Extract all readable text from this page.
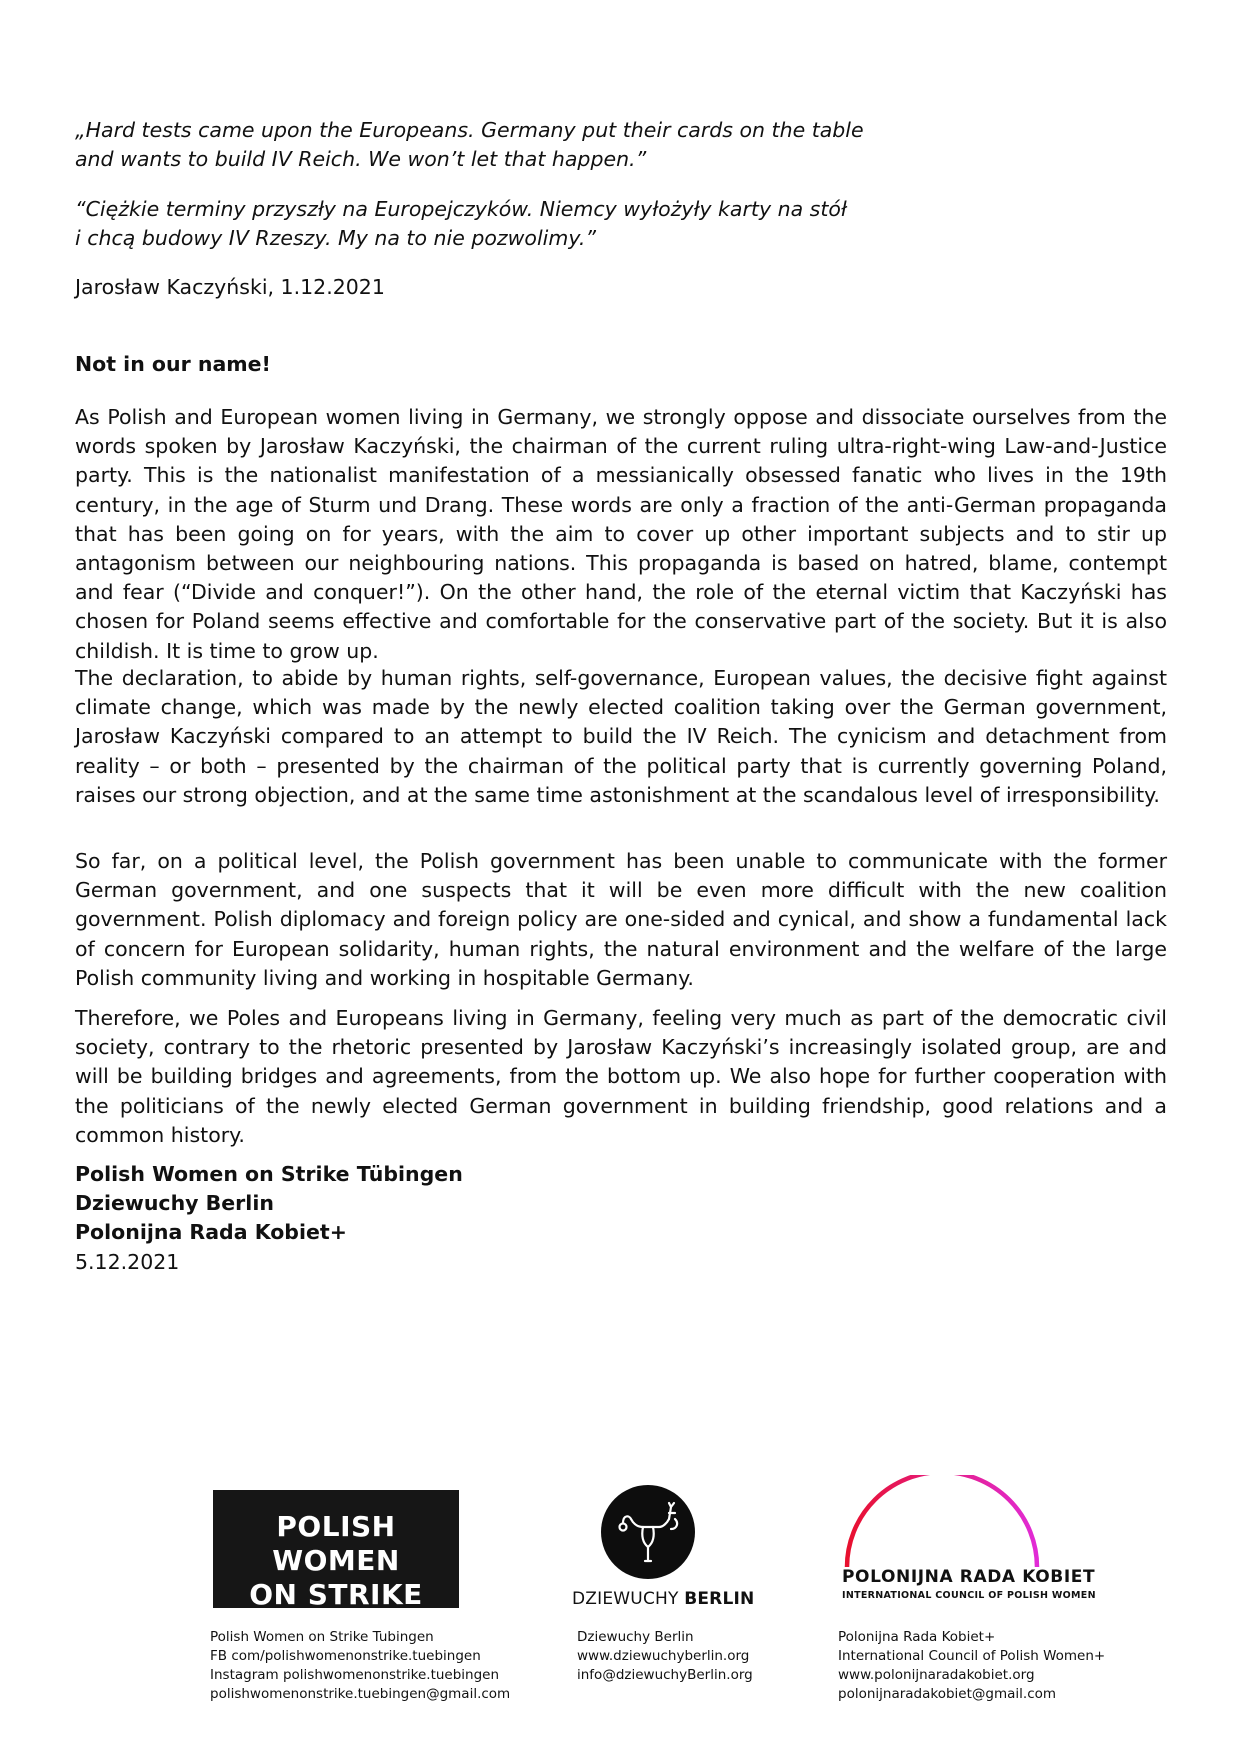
„Hard tests came upon the Europeans. Germany put their cards on the table
and wants to build IV Reich. We won’t let that happen.”
“Ciężkie terminy przyszły na Europejczyków. Niemcy wyłożyły karty na stół
i chcą budowy IV Rzeszy. My na to nie pozwolimy.”
Jarosław Kaczyński, 1.12.2021
Not in our name!

As Polish and European women living in Germany, we strongly oppose and dissociate ourselves from the words spoken by Jarosław Kaczyński, the chairman of the current ruling ultra-right-wing Law-and-Justice party. This is the nationalist manifestation of a messianically obsessed fanatic who lives in the 19th century, in the age of Sturm und Drang. These words are only a fraction of the anti-German propaganda that has been going on for years, with the aim to cover up other important subjects and to stir up antagonism between our neighbouring nations. This propaganda is based on hatred, blame, contempt and fear (“Divide and conquer!”). On the other hand, the role of the eternal victim that Kaczyński has chosen for Poland seems effective and comfortable for the conservative part of the society. But it is also childish. It is time to grow up.

The declaration, to abide by human rights, self-governance, European values, the decisive fight against climate change, which was made by the newly elected coalition taking over the German government, Jarosław Kaczyński compared to an attempt to build the IV Reich. The cynicism and detachment from reality – or both – presented by the chairman of the political party that is currently governing Poland, raises our strong objection, and at the same time astonishment at the scandalous level of irresponsibility.

So far, on a political level, the Polish government has been unable to communicate with the former German government, and one suspects that it will be even more difficult with the new coalition government. Polish diplomacy and foreign policy are one-sided and cynical, and show a fundamental lack of concern for European solidarity, human rights, the natural environment and the welfare of the large Polish community living and working in hospitable Germany.

Therefore, we Poles and Europeans living in Germany, feeling very much as part of the democratic civil society, contrary to the rhetoric presented by Jarosław Kaczyński’s increasingly isolated group, are and will be building bridges and agreements, from the bottom up. We also hope for further cooperation with the politicians of the newly elected German government in building friendship, good relations and a common history.

Polish Women on Strike Tübingen
Dziewuchy Berlin
Polonijna Rada Kobiet+
5.12.2021
POLISH WOMEN
ON STRIKE
Tübingen
Polish Women on Strike Tubingen
FB com/polishwomenonstrike.tuebingen
Instagram polishwomenonstrike.tuebingen
polishwomenonstrike.tuebingen@gmail.com
DZIEWUCHY BERLIN
Dziewuchy Berlin
www.dziewuchyberlin.org
info@dziewuchyBerlin.org
POLONIJNA RADA KOBIET
INTERNATIONAL COUNCIL OF POLISH WOMEN
Polonijna Rada Kobiet+
International Council of Polish Women+
www.polonijnaradakobiet.org
polonijnaradakobiet@gmail.com
